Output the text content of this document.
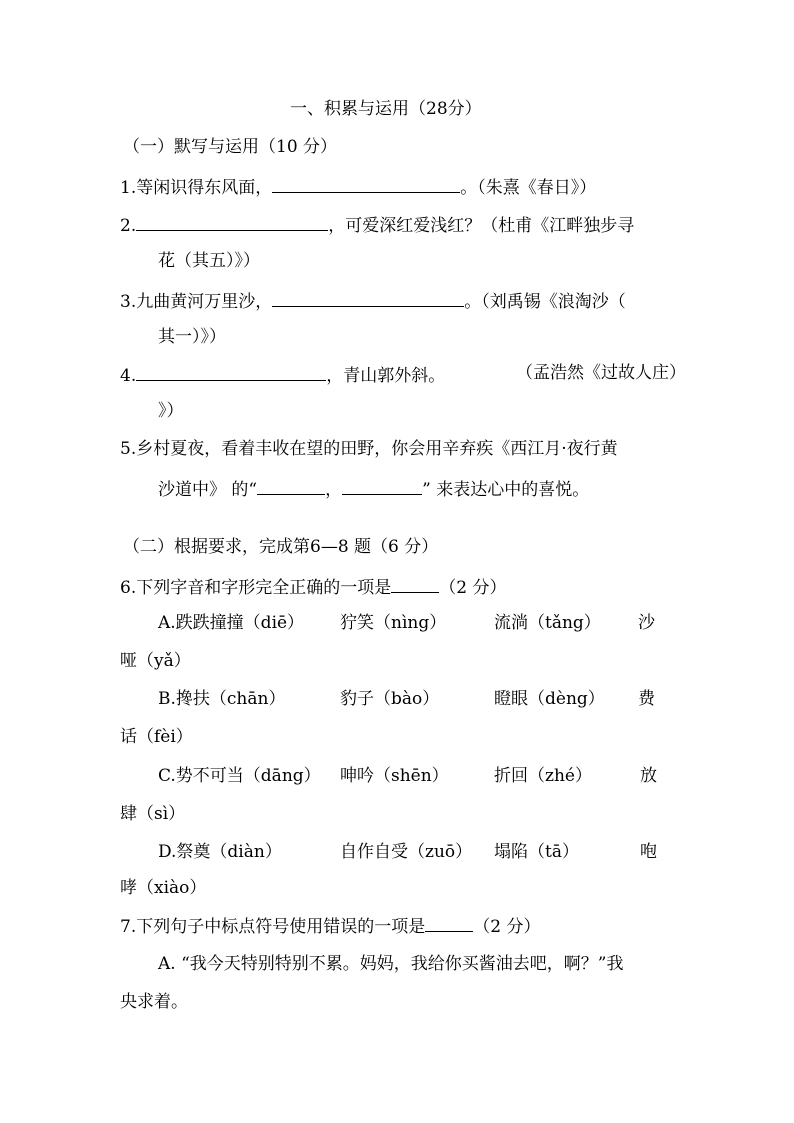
一、积累与运用（28分）
（一）默写与运用（10 分）
1.等闲识得东风面，	。（朱熹《春日》）
2.	，可爱深红爱浅红？（杜甫《江畔独步寻
花（其五）》）
3.九曲黄河万里沙，	。（刘禹锡《浪淘沙（
其一）》）
4.	，青山郭外斜。	（孟浩然《过故人庄）
》）
5.乡村夏夜，看着丰收在望的田野，你会用辛弃疾《西江月·夜行黄
沙道中》 的“	，	” 来表达心中的喜悦。
（二）根据要求，完成第6—8 题（6 分）
6.下列字音和字形完全正确的一项是	（2 分）
A.跌跌撞撞（diē） 狞笑（nìng）	流淌（tǎng） 沙
哑（yǎ）
B.搀扶（chān）	豹子（bào）	瞪眼（dèng） 费
话（fèi）
C.势不可当（dāng） 呻吟（shēn）	折回（zhé）	放
肆（sì）
D.祭奠（diàn）	自作自受（zuō） 塌陷（tā）	咆
哮（xiào）
7.下列句子中标点符号使用错误的一项是	（2 分）
A. “我今天特别特别不累。妈妈，我给你买酱油去吧，啊？”我
央求着。
